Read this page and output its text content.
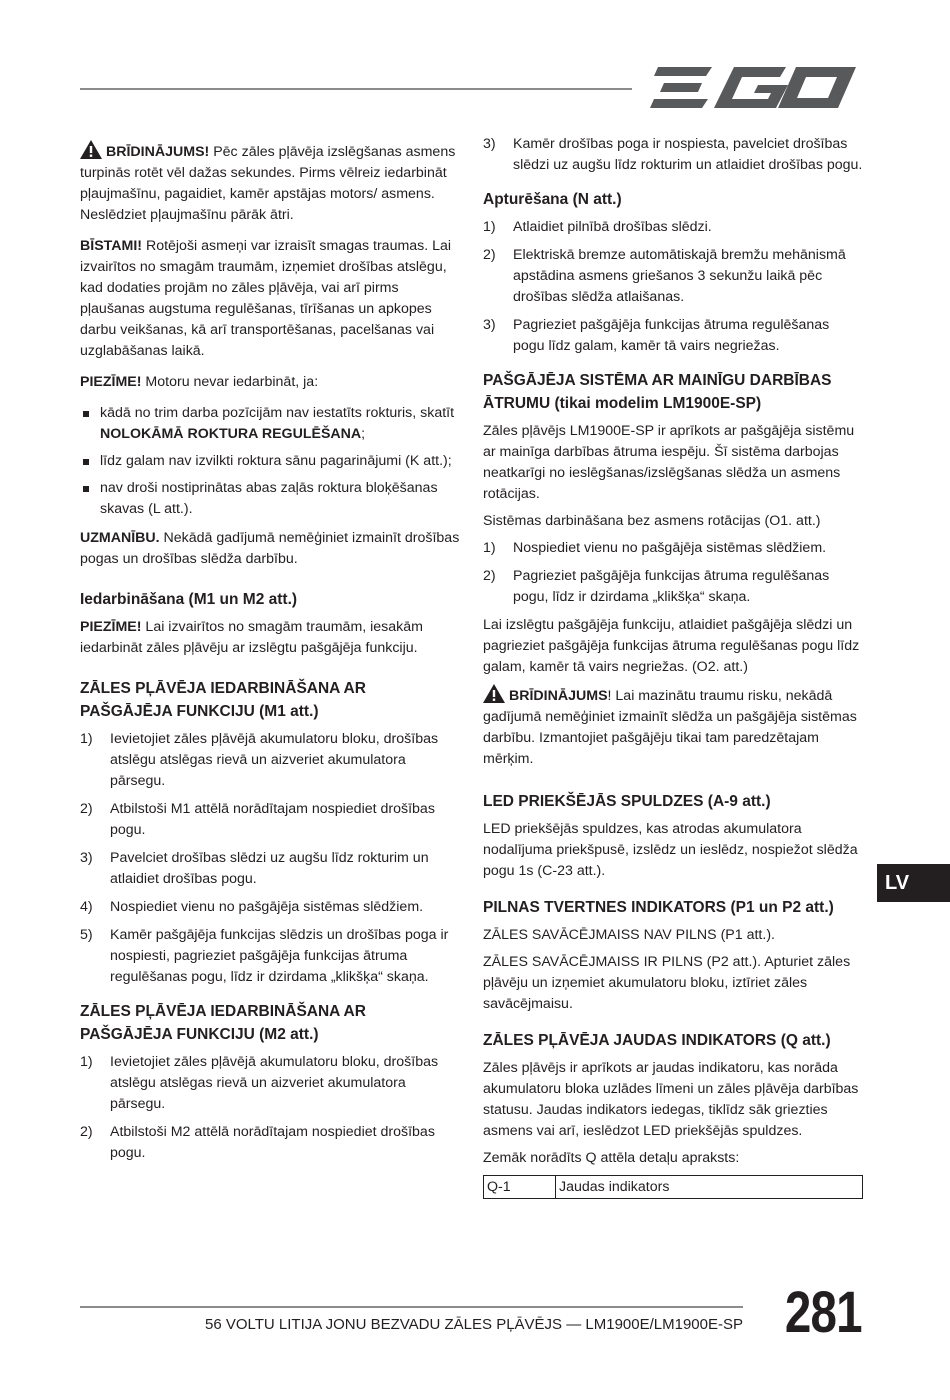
BRĪDINĀJUMS! Pēc zāles pļāvēja izslēgšanas asmens turpinās rotēt vēl dažas sekundes. Pirms vēlreiz iedarbināt pļaujmašīnu, pagaidiet, kamēr apstājas motors/ asmens. Neslēdziet pļaujmašīnu pārāk ātri.

BĪSTAMI! Rotējoši asmeņi var izraisīt smagas traumas. Lai izvairītos no smagām traumām, izņemiet drošības atslēgu, kad dodaties projām no zāles pļāvēja, vai arī pirms pļaušanas augstuma regulēšanas, tīrīšanas un apkopes darbu veikšanas, kā arī transportēšanas, pacelšanas vai uzglabāšanas laikā.

PIEZĪME! Motoru nevar iedarbināt, ja:

kādā no trim darba pozīcijām nav iestatīts rokturis, skatīt NOLOKĀMĀ ROKTURA REGULĒŠANA;
līdz galam nav izvilkti roktura sānu pagarinājumi (K att.);
nav droši nostiprinātas abas zaļās roktura bloķēšanas skavas (L att.).

UZMANĪBU. Nekādā gadījumā nemēģiniet izmainīt drošības pogas un drošības slēdža darbību.

Iedarbināšana (M1 un M2 att.)

PIEZĪME! Lai izvairītos no smagām traumām, iesakām iedarbināt zāles pļāvēju ar izslēgtu pašgājēja funkciju.

ZĀLES PĻĀVĒJA IEDARBINĀŠANA AR PAŠGĀJĒJA FUNKCIJU (M1 att.)
1) Ievietojiet zāles pļāvējā akumulatoru bloku, drošības atslēgu atslēgas rievā un aizveriet akumulatora pārsegu.
2) Atbilstoši M1 attēlā norādītajam nospiediet drošības pogu.
3) Pavelciet drošības slēdzi uz augšu līdz rokturim un atlaidiet drošības pogu.
4) Nospiediet vienu no pašgājēja sistēmas slēdžiem.
5) Kamēr pašgājēja funkcijas slēdzis un drošības poga ir nospiesti, pagrieziet pašgājēja funkcijas ātruma regulēšanas pogu, līdz ir dzirdama „klikšķa“ skaņa.
ZĀLES PĻĀVĒJA IEDARBINĀŠANA AR PAŠGĀJĒJA FUNKCIJU (M2 att.)
1) Ievietojiet zāles pļāvējā akumulatoru bloku, drošības atslēgu atslēgas rievā un aizveriet akumulatora pārsegu.
2) Atbilstoši M2 attēlā norādītajam nospiediet drošības pogu.
3) Kamēr drošības poga ir nospiesta, pavelciet drošības slēdzi uz augšu līdz rokturim un atlaidiet drošības pogu.
Apturēšana (N att.)
1) Atlaidiet pilnībā drošības slēdzi.
2) Elektriskā bremze automātiskajā bremžu mehānismā apstādina asmens griešanos 3 sekunžu laikā pēc drošības slēdža atlaišanas.
3) Pagrieziet pašgājēja funkcijas ātruma regulēšanas pogu līdz galam, kamēr tā vairs negriežas.
PAŠGĀJĒJA SISTĒMA AR MAINĪGU DARBĪBAS ĀTRUMU (tikai modelim LM1900E-SP)

Zāles pļāvējs LM1900E-SP ir aprīkots ar pašgājēja sistēmu ar mainīga darbības ātruma iespēju. Šī sistēma darbojas neatkarīgi no ieslēgšanas/izslēgšanas slēdža un asmens rotācijas.

Sistēmas darbināšana bez asmens rotācijas (O1. att.)

1) Nospiediet vienu no pašgājēja sistēmas slēdžiem.
2) Pagrieziet pašgājēja funkcijas ātruma regulēšanas pogu, līdz ir dzirdama „klikšķa“ skaņa.

Lai izslēgtu pašgājēja funkciju, atlaidiet pašgājēja slēdzi un pagrieziet pašgājēja funkcijas ātruma regulēšanas pogu līdz galam, kamēr tā vairs negriežas. (O2. att.)

BRĪDINĀJUMS! Lai mazinātu traumu risku, nekādā gadījumā nemēģiniet izmainīt slēdža un pašgājēja sistēmas darbību. Izmantojiet pašgājēju tikai tam paredzētajam mērķim.

LED PRIEKŠĒJĀS SPULDZES (A-9 att.)

LED priekšējās spuldzes, kas atrodas akumulatora nodalījuma priekšpusē, izslēdz un ieslēdz, nospiežot slēdža pogu 1s (C-23 att.).

PILNAS TVERTNES INDIKATORS (P1 un P2 att.)

ZĀLES SAVĀCĒJMAISS NAV PILNS (P1 att.).

ZĀLES SAVĀCĒJMAISS IR PILNS (P2 att.). Apturiet zāles pļāvēju un izņemiet akumulatoru bloku, iztīriet zāles savācējmaisu.

ZĀLES PĻĀVĒJA JAUDAS INDIKATORS (Q att.)

Zāles pļāvējs ir aprīkots ar jaudas indikatoru, kas norāda akumulatoru bloka uzlādes līmeni un zāles pļāvēja darbības statusu. Jaudas indikators iedegas, tiklīdz sāk griezties asmens vai arī, ieslēdzot LED priekšējās spuldzes.

Zemāk norādīts Q attēla detaļu apraksts:

Q-1	Jaudas indikators
LV
56 VOLTU LITIJA JONU BEZVADU ZĀLES PĻĀVĒJS — LM1900E/LM1900E-SP 281
